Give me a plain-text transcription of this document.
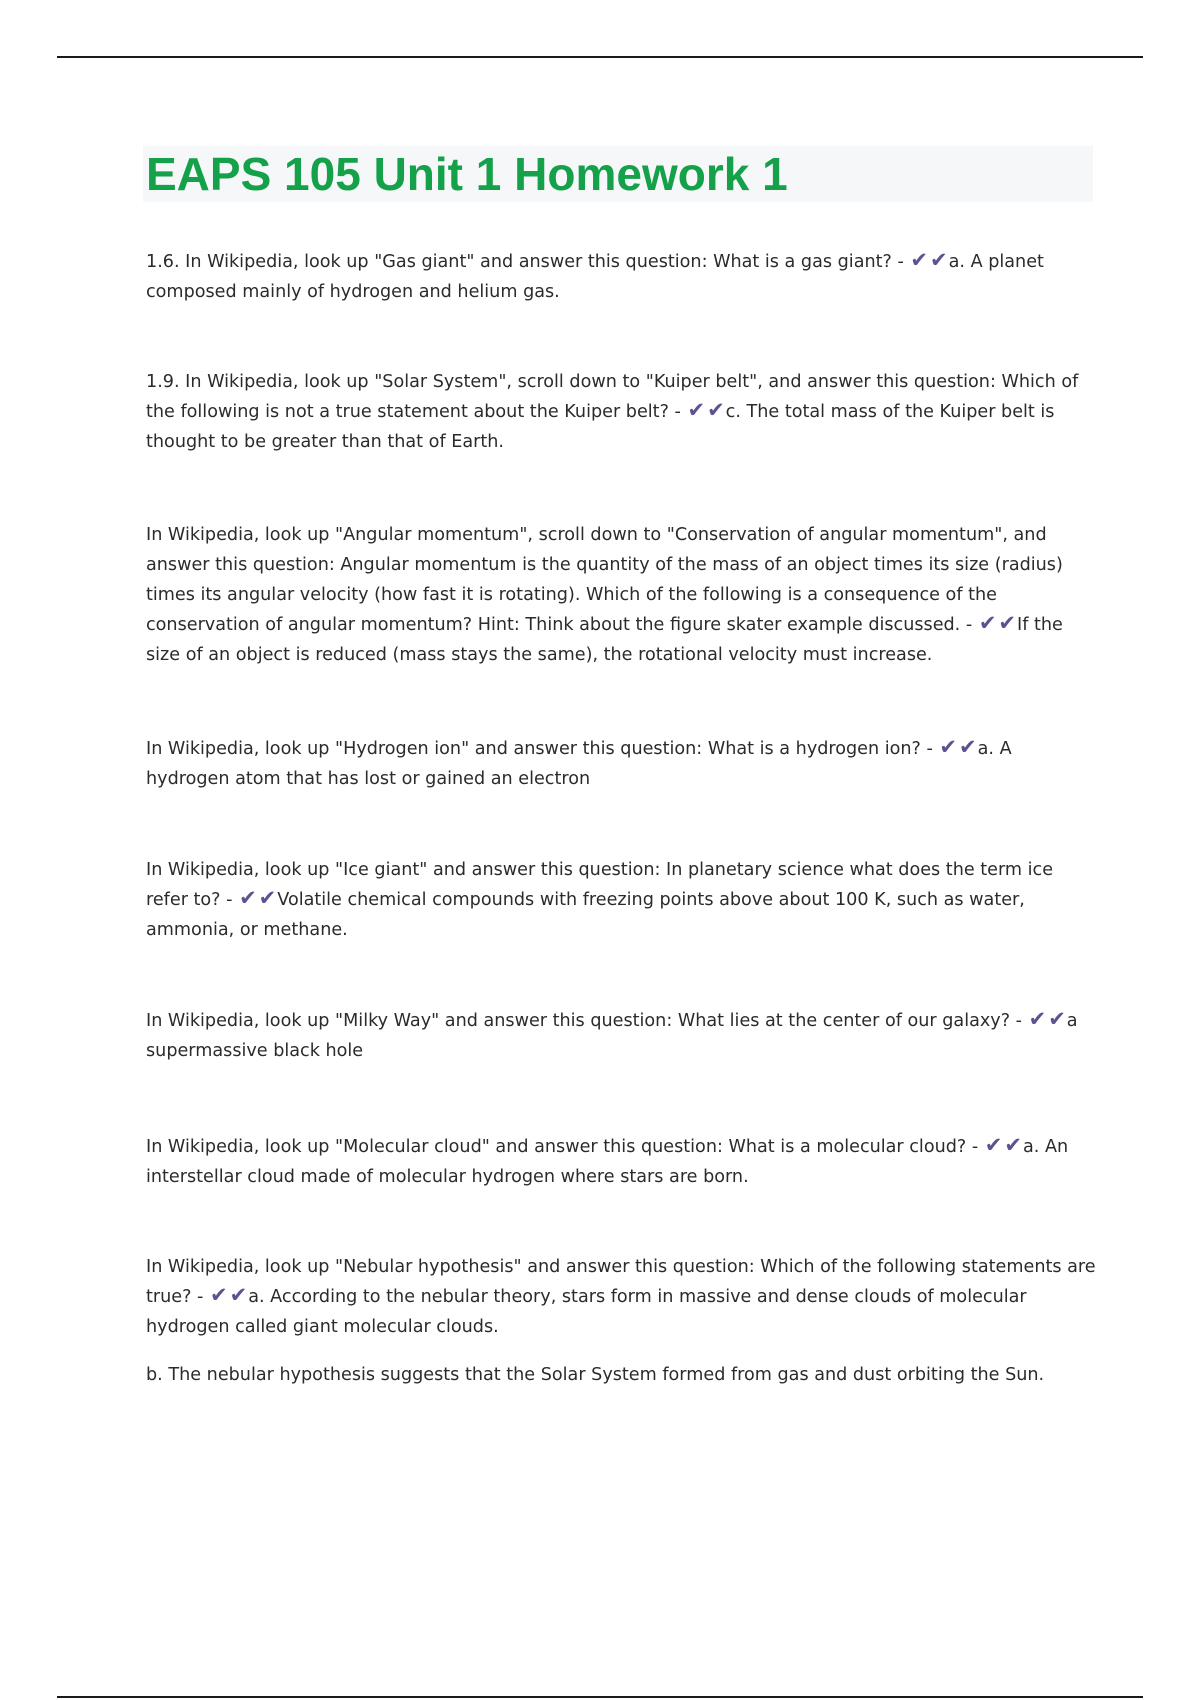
EAPS 105 Unit 1 Homework 1

1.6. In Wikipedia, look up "Gas giant" and answer this question: What is a gas giant? - ✔✔a. A planet composed mainly of hydrogen and helium gas.

1.9. In Wikipedia, look up "Solar System", scroll down to "Kuiper belt", and answer this question: Which of the following is not a true statement about the Kuiper belt? - ✔✔c. The total mass of the Kuiper belt is thought to be greater than that of Earth.

In Wikipedia, look up "Angular momentum", scroll down to "Conservation of angular momentum", and answer this question: Angular momentum is the quantity of the mass of an object times its size (radius) times its angular velocity (how fast it is rotating). Which of the following is a consequence of the conservation of angular momentum? Hint: Think about the figure skater example discussed. - ✔✔If the size of an object is reduced (mass stays the same), the rotational velocity must increase.

In Wikipedia, look up "Hydrogen ion" and answer this question: What is a hydrogen ion? - ✔✔a. A hydrogen atom that has lost or gained an electron

In Wikipedia, look up "Ice giant" and answer this question: In planetary science what does the term ice refer to? - ✔✔Volatile chemical compounds with freezing points above about 100 K, such as water, ammonia, or methane.

In Wikipedia, look up "Milky Way" and answer this question: What lies at the center of our galaxy? - ✔✔a supermassive black hole

In Wikipedia, look up "Molecular cloud" and answer this question: What is a molecular cloud? - ✔✔a. An interstellar cloud made of molecular hydrogen where stars are born.

In Wikipedia, look up "Nebular hypothesis" and answer this question: Which of the following statements are true? - ✔✔a. According to the nebular theory, stars form in massive and dense clouds of molecular hydrogen called giant molecular clouds.

b. The nebular hypothesis suggests that the Solar System formed from gas and dust orbiting the Sun.
